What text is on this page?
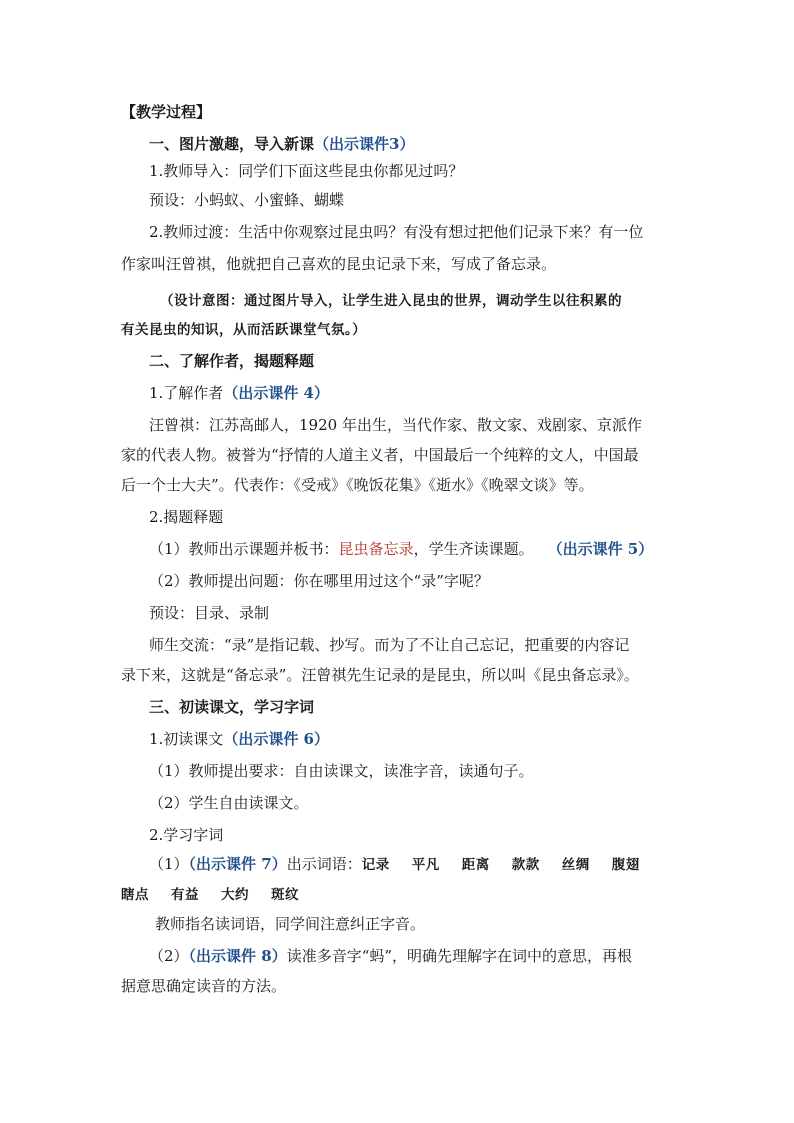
【教学过程】
一、图片激趣，导入新课（出示课件3）
1.教师导入：同学们下面这些昆虫你都见过吗？
预设：小蚂蚁、小蜜蜂、蝴蝶
2.教师过渡：生活中你观察过昆虫吗？有没有想过把他们记录下来？有一位
作家叫汪曾祺，他就把自己喜欢的昆虫记录下来，写成了备忘录。
（设计意图：通过图片导入，让学生进入昆虫的世界，调动学生以往积累的
有关昆虫的知识，从而活跃课堂气氛。）
二、了解作者，揭题释题
1.了解作者（出示课件 4）
汪曾祺：江苏高邮人，1920 年出生，当代作家、散文家、戏剧家、京派作
家的代表人物。被誉为“抒情的人道主义者，中国最后一个纯粹的文人，中国最
后一个士大夫”。代表作：《受戒》《晚饭花集》《逝水》《晚翠文谈》等。
2.揭题释题
（1）教师出示课题并板书：昆虫备忘录，学生齐读课题。 （出示课件 5）
（2）教师提出问题：你在哪里用过这个“录”字呢？
预设：目录、录制
师生交流：“录”是指记载、抄写。而为了不让自己忘记，把重要的内容记
录下来，这就是“备忘录”。汪曾祺先生记录的是昆虫，所以叫《昆虫备忘录》。
三、初读课文，学习字词
1.初读课文（出示课件 6）
（1）教师提出要求：自由读课文，读准字音，读通句子。
（2）学生自由读课文。
2.学习字词
（1）（出示课件 7）出示词语：记录 平凡 距离 款款 丝绸 腹翅
瞎点 有益 大约 斑纹
教师指名读词语，同学间注意纠正字音。
（2）（出示课件 8）读准多音字“蚂”，明确先理解字在词中的意思，再根
据意思确定读音的方法。
